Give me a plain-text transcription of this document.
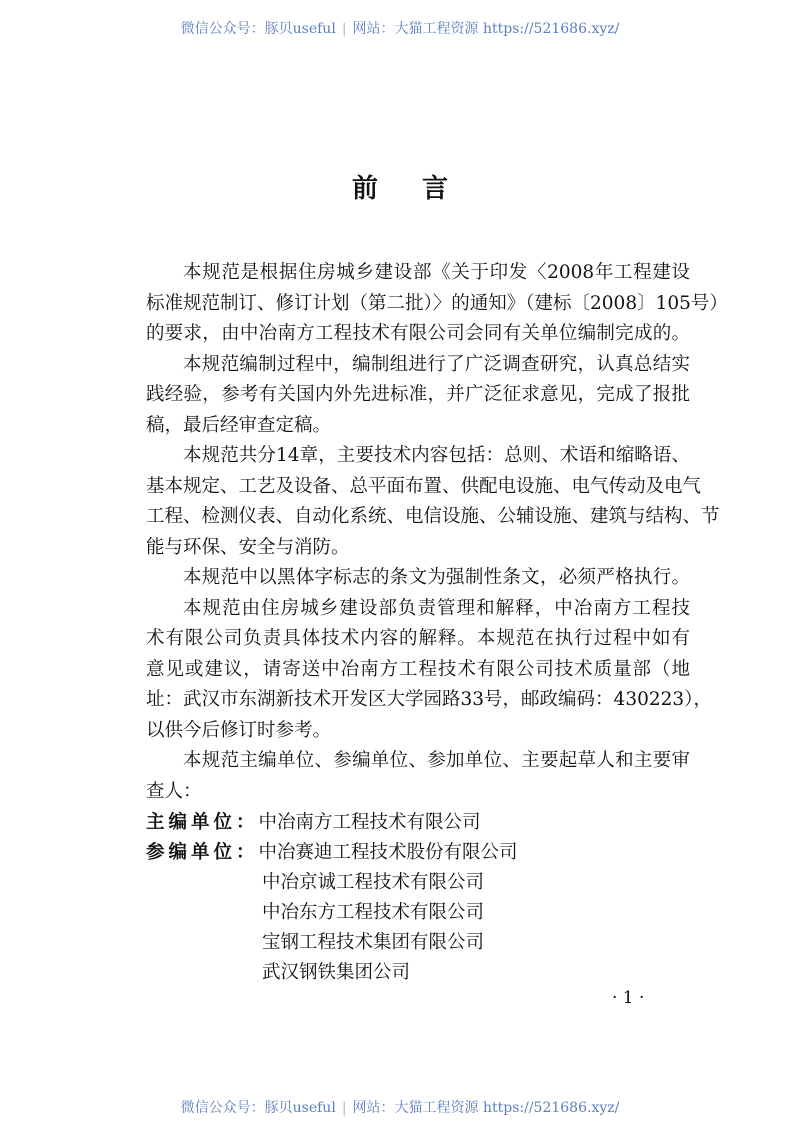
微信公众号：豚贝useful | 网站：大猫工程资源 https://521686.xyz/
前言
本规范是根据住房城乡建设部《关于印发〈2008年工程建设
标准规范制订、修订计划（第二批）〉的通知》（建标〔2008〕105号）
的要求，由中冶南方工程技术有限公司会同有关单位编制完成的。
本规范编制过程中，编制组进行了广泛调查研究，认真总结实
践经验，参考有关国内外先进标准，并广泛征求意见，完成了报批
稿，最后经审查定稿。
本规范共分14章，主要技术内容包括：总则、术语和缩略语、
基本规定、工艺及设备、总平面布置、供配电设施、电气传动及电气
工程、检测仪表、自动化系统、电信设施、公辅设施、建筑与结构、节
能与环保、安全与消防。
本规范中以黑体字标志的条文为强制性条文，必须严格执行。
本规范由住房城乡建设部负责管理和解释，中冶南方工程技
术有限公司负责具体技术内容的解释。本规范在执行过程中如有
意见或建议，请寄送中冶南方工程技术有限公司技术质量部（地
址：武汉市东湖新技术开发区大学园路33号，邮政编码：430223），
以供今后修订时参考。
本规范主编单位、参编单位、参加单位、主要起草人和主要审
查人：
主编单位：中冶南方工程技术有限公司
参编单位：中冶赛迪工程技术股份有限公司
中冶京诚工程技术有限公司
中冶东方工程技术有限公司
宝钢工程技术集团有限公司
武汉钢铁集团公司
· 1 ·
微信公众号：豚贝useful | 网站：大猫工程资源 https://521686.xyz/
